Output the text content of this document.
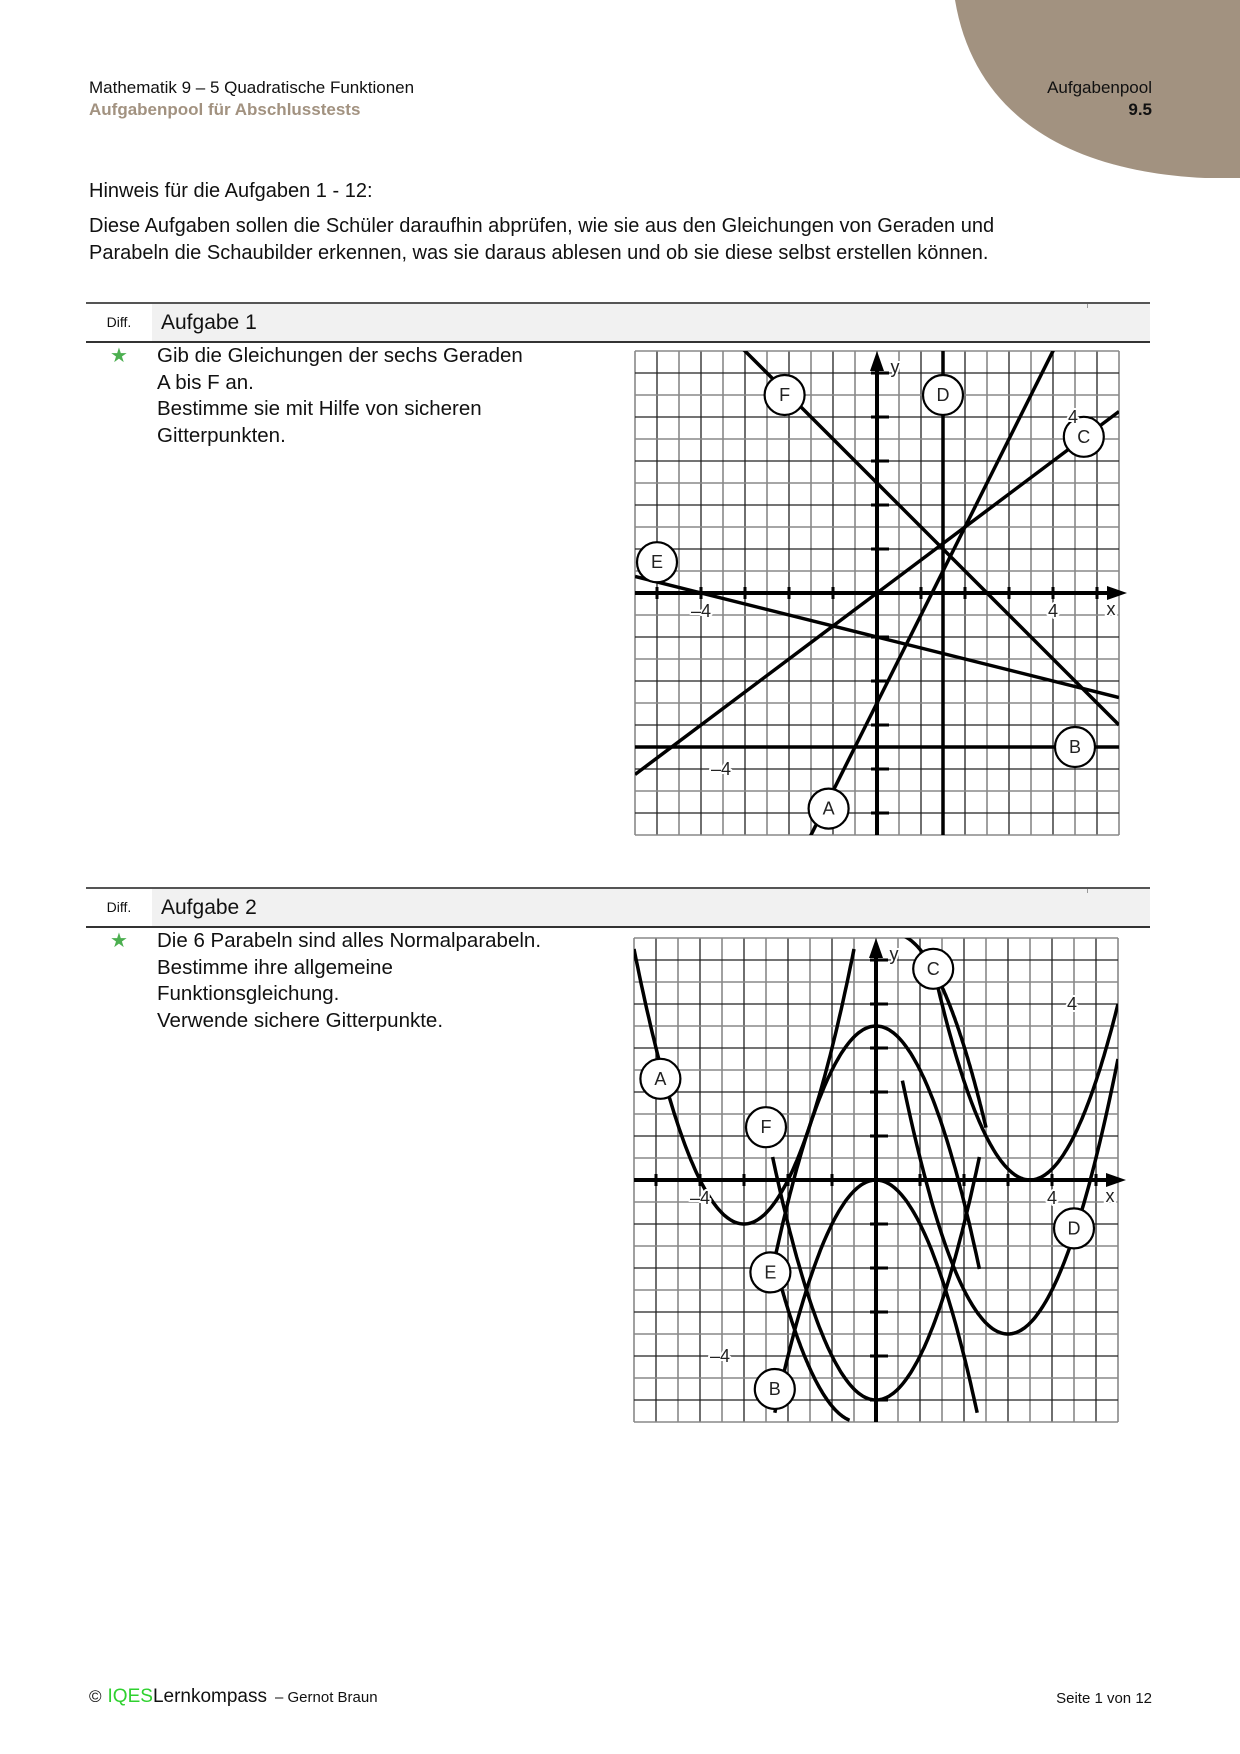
Mathematik 9 – 5 Quadratische Funktionen
Aufgabenpool für Abschlusstests
Aufgabenpool
9.5

Hinweis für die Aufgaben 1 - 12:

Diese Aufgaben sollen die Schüler daraufhin abprüfen, wie sie aus den Gleichungen von Geraden und
Parabeln die Schaubilder erkennen, was sie daraus ablesen und ob sie diese selbst erstellen können.
Diff.	Aufgabe 1
★ Gib die Gleichungen der sechs Geraden
A bis F an.
Bestimme sie mit Hilfe von sicheren
Gitterpunkten.
A
B
C
D
E
F
x
y
–4	4
4
–4
Diff.	Aufgabe 2
★ Die 6 Parabeln sind alles Normalparabeln.
Bestimme ihre allgemeine
Funktionsgleichung.
Verwende sichere Gitterpunkte.
A
B
C
D
E
F
x
y
–4	4
4
–4
© IQES Lernkompass – Gernot Braun	Seite 1 von 12
